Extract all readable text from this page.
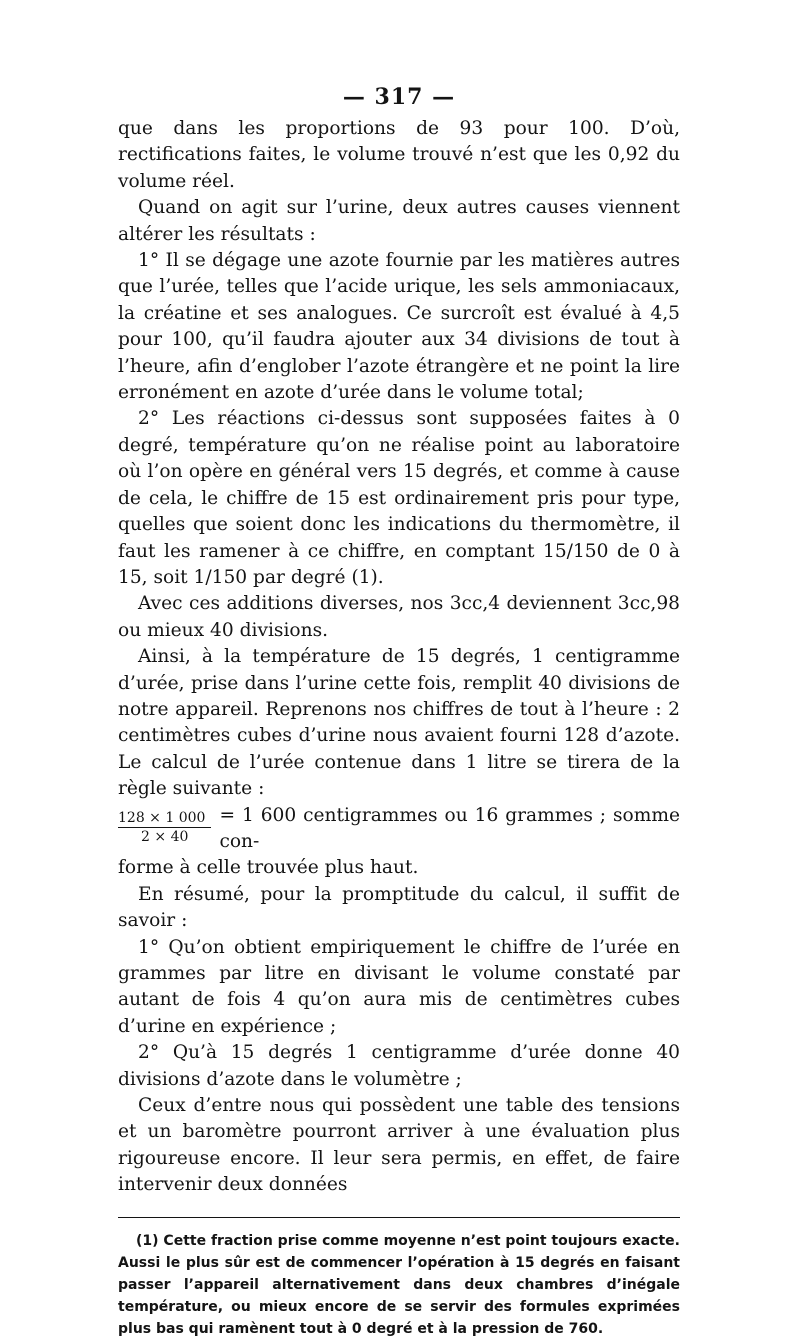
— 317 —

que dans les proportions de 93 pour 100. D’où, rectifications faites, le volume trouvé n’est que les 0,92 du volume réel.

Quand on agit sur l’urine, deux autres causes viennent altérer les résultats :

1° Il se dégage une azote fournie par les matières autres que l’urée, telles que l’acide urique, les sels ammoniacaux, la créatine et ses analogues. Ce surcroît est évalué à 4,5 pour 100, qu’il faudra ajouter aux 34 divisions de tout à l’heure, afin d’englober l’azote étrangère et ne point la lire erronément en azote d’urée dans le volume total;

2° Les réactions ci-dessus sont supposées faites à 0 degré, température qu’on ne réalise point au laboratoire où l’on opère en général vers 15 degrés, et comme à cause de cela, le chiffre de 15 est ordinairement pris pour type, quelles que soient donc les indications du thermomètre, il faut les ramener à ce chiffre, en comptant 15/150 de 0 à 15, soit 1/150 par degré (1).

Avec ces additions diverses, nos 3cc,4 deviennent 3cc,98 ou mieux 40 divisions.

Ainsi, à la température de 15 degrés, 1 centigramme d’urée, prise dans l’urine cette fois, remplit 40 divisions de notre appareil. Reprenons nos chiffres de tout à l’heure : 2 centimètres cubes d’urine nous avaient fourni 128 d’azote. Le calcul de l’urée contenue dans 1 litre se tirera de la règle suivante :

$\frac{128 \times 1 000}{2 \times 40} = 1$ 600 centigrammes ou 16 grammes ; somme con-

forme à celle trouvée plus haut.

En résumé, pour la promptitude du calcul, il suffit de savoir :

1° Qu’on obtient empiriquement le chiffre de l’urée en grammes par litre en divisant le volume constaté par autant de fois 4 qu’on aura mis de centimètres cubes d’urine en expérience ;

2° Qu’à 15 degrés 1 centigramme d’urée donne 40 divisions d’azote dans le volumètre ;

Ceux d’entre nous qui possèdent une table des tensions et un baromètre pourront arriver à une évaluation plus rigoureuse encore. Il leur sera permis, en effet, de faire intervenir deux données

(1) Cette fraction prise comme moyenne n’est point toujours exacte. Aussi le plus sûr est de commencer l’opération à 15 degrés en faisant passer l’appareil alternativement dans deux chambres d’inégale température, ou mieux encore de se servir des formules exprimées plus bas qui ramènent tout à 0 degré et à la pression de 760.
